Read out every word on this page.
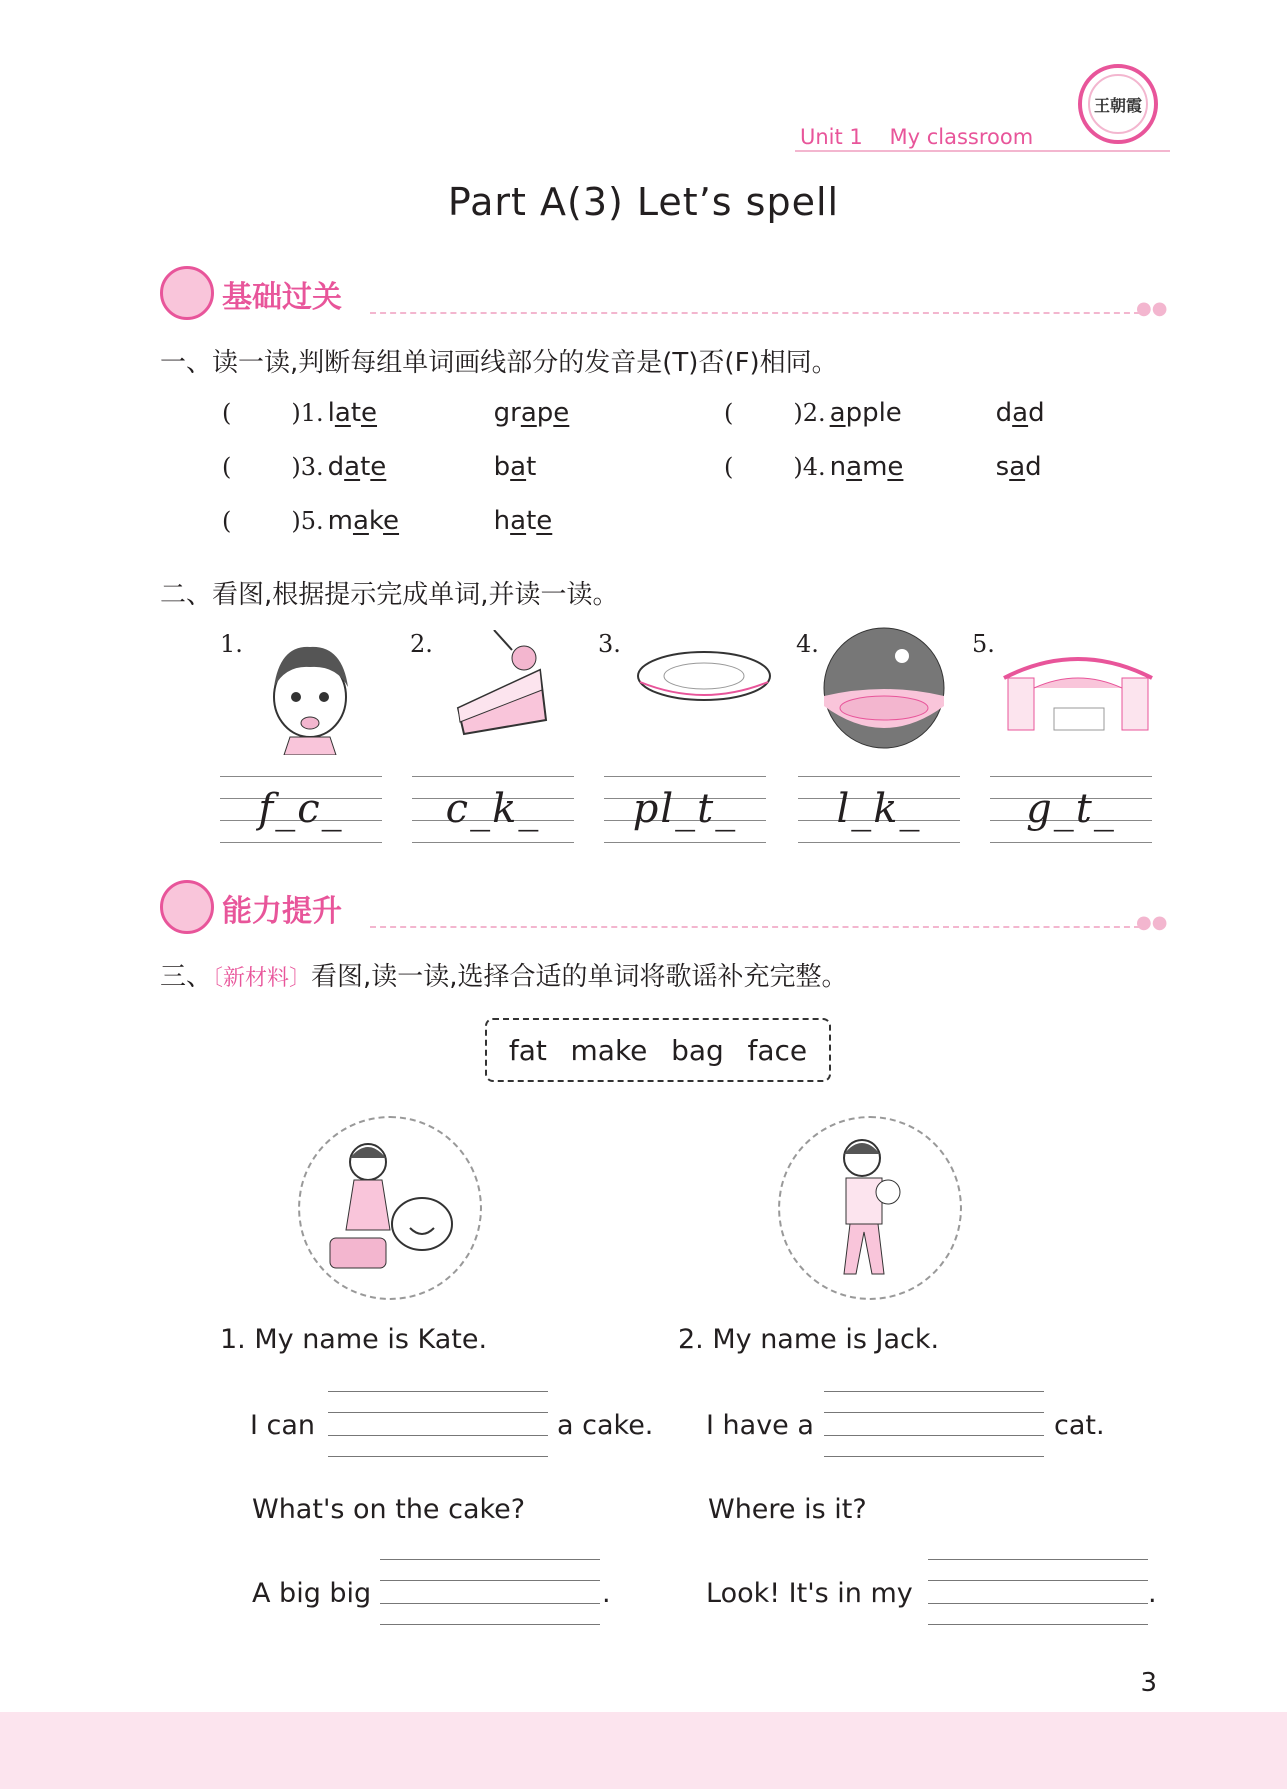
Unit 1 My classroom
王朝霞
Part A(3) Let’s spell
基础过关	●●
一、读一读,判断每组单词画线部分的发音是(T)否(F)相同。
(	)1. late	grape	(	)2. apple	dad
(	)3. date	bat	(	)4. name	sad
(	)5. make	hate
二、看图,根据提示完成单词,并读一读。
1.	2.	3.	4.	5.
f_c_	c_k_	pl_t_	l_k_	g_t_
能力提升	●●
三、〔新材料〕看图,读一读,选择合适的单词将歌谣补充完整。
fat make bag face
1. My name is Kate.
I can	a cake.
What's on the cake?
A big big	.
2. My name is Jack.
I have a	cat.
Where is it?
Look! It's in my	.
3
